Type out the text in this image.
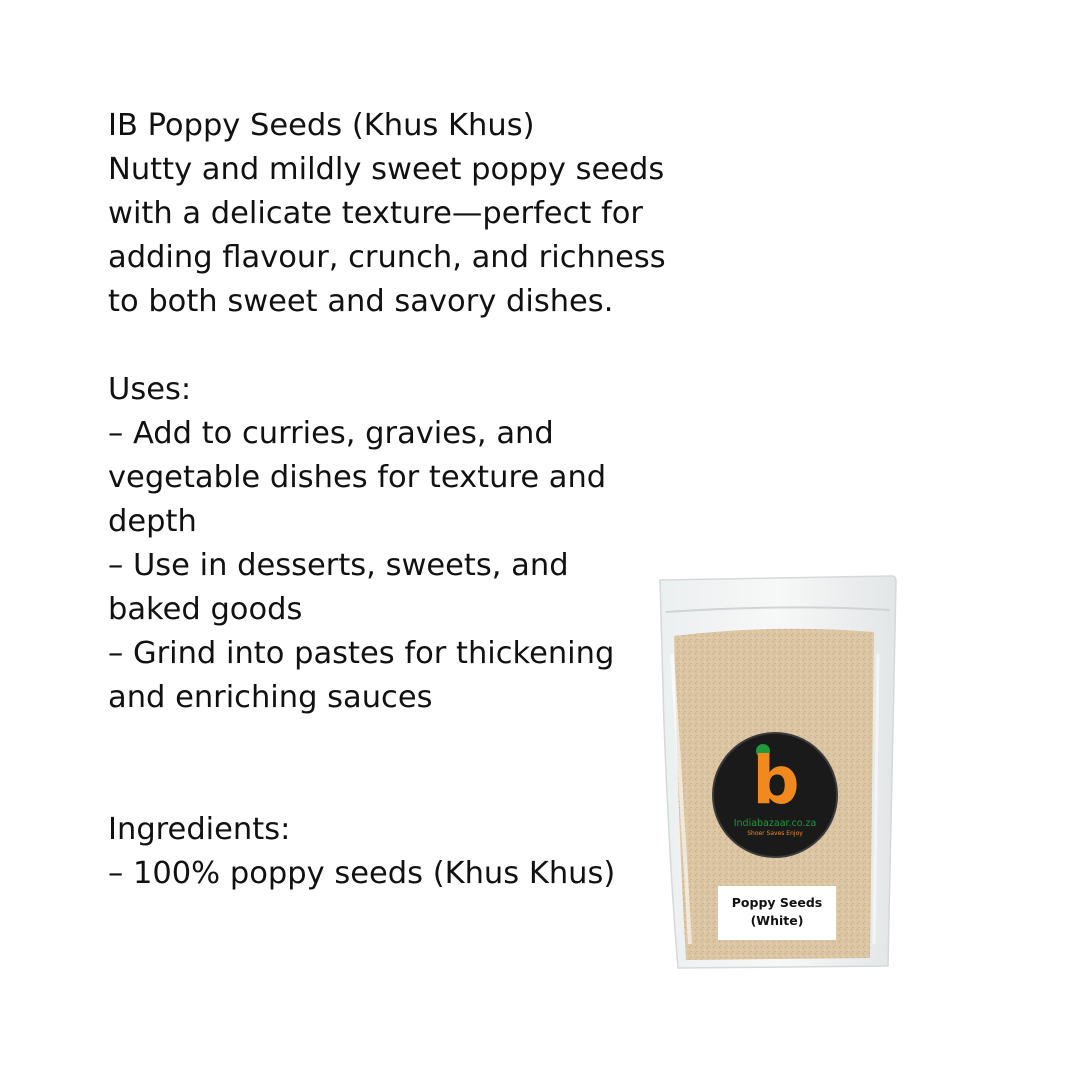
IB Poppy Seeds (Khus Khus)

Nutty and mildly sweet poppy seeds with a delicate texture—perfect for adding flavour, crunch, and richness to both sweet and savory dishes.

Uses:

– Add to curries, gravies, and vegetable dishes for texture and depth
– Use in desserts, sweets, and baked goods
– Grind into pastes for thickening and enriching sauces

Ingredients:

– 100% poppy seeds (Khus Khus)
b
Indiabazaar.co.za
Shoer Saves Enjoy
Poppy Seeds
(White)
